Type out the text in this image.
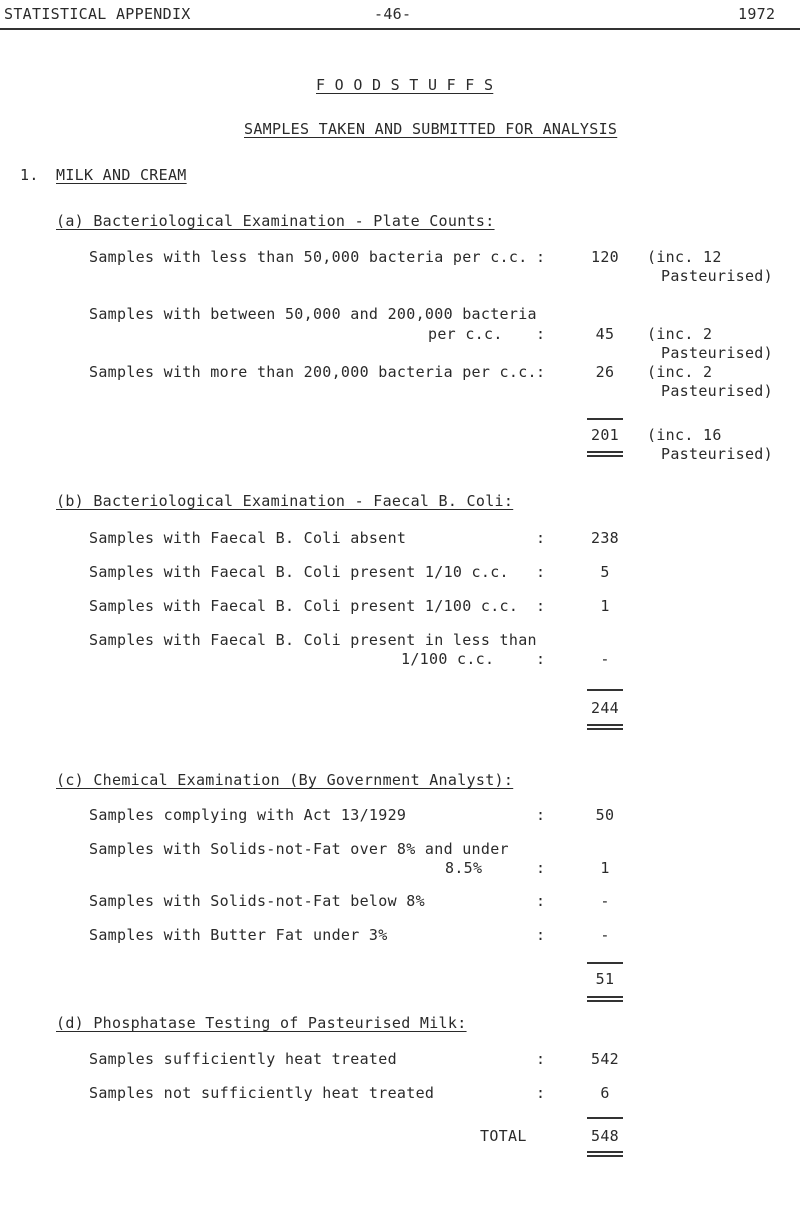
STATISTICAL APPENDIX	-46-	1972
F O O D S T U F F S
SAMPLES TAKEN AND SUBMITTED FOR ANALYSIS
1. MILK AND CREAM
(a) Bacteriological Examination - Plate Counts:
Samples with less than 50,000 bacteria per c.c. :	120	(inc. 12
Pasteurised)
Samples with between 50,000 and 200,000 bacteria
per c.c. :	45	(inc. 2
Pasteurised)
Samples with more than 200,000 bacteria per c.c. :	26	(inc. 2
Pasteurised)
201	(inc. 16
Pasteurised)
(b) Bacteriological Examination - Faecal B. Coli:
Samples with Faecal B. Coli absent	:	238
Samples with Faecal B. Coli present 1/10 c.c. :	5
Samples with Faecal B. Coli present 1/100 c.c. :	1
Samples with Faecal B. Coli present in less than
1/100 c.c.	:	-
244
(c) Chemical Examination (By Government Analyst):
Samples complying with Act 13/1929	:	50
Samples with Solids-not-Fat over 8% and under
8.5%	:	1
Samples with Solids-not-Fat below 8%	:	-
Samples with Butter Fat under 3%	:	-
51
(d) Phosphatase Testing of Pasteurised Milk:
Samples sufficiently heat treated	:	542
Samples not sufficiently heat treated	:	6
TOTAL	548
